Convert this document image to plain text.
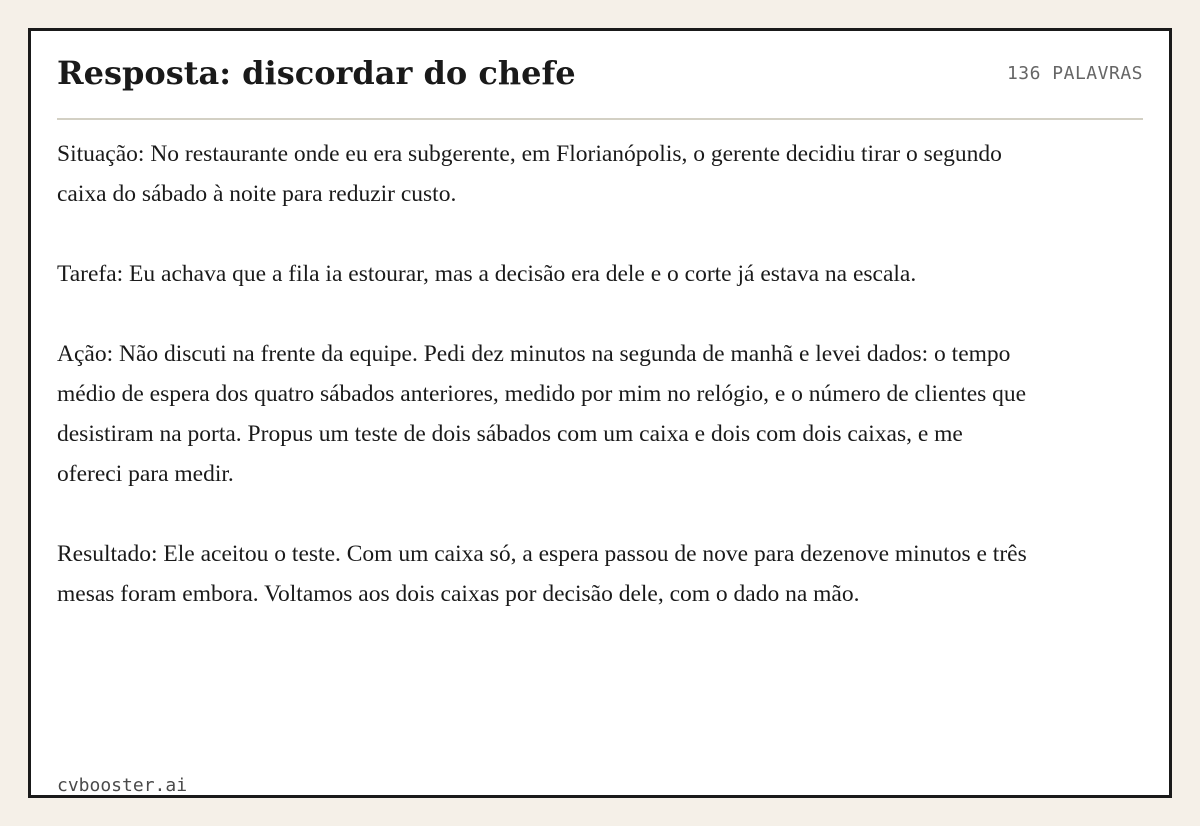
Resposta: discordar do chefe	136 PALAVRAS

Situação: No restaurante onde eu era subgerente, em Florianópolis, o gerente decidiu tirar o segundo caixa do sábado à noite para reduzir custo.

Tarefa: Eu achava que a fila ia estourar, mas a decisão era dele e o corte já estava na escala.

Ação: Não discuti na frente da equipe. Pedi dez minutos na segunda de manhã e levei dados: o tempo médio de espera dos quatro sábados anteriores, medido por mim no relógio, e o número de clientes que desistiram na porta. Propus um teste de dois sábados com um caixa e dois com dois caixas, e me ofereci para medir.

Resultado: Ele aceitou o teste. Com um caixa só, a espera passou de nove para dezenove minutos e três mesas foram embora. Voltamos aos dois caixas por decisão dele, com o dado na mão.

cvbooster.ai
